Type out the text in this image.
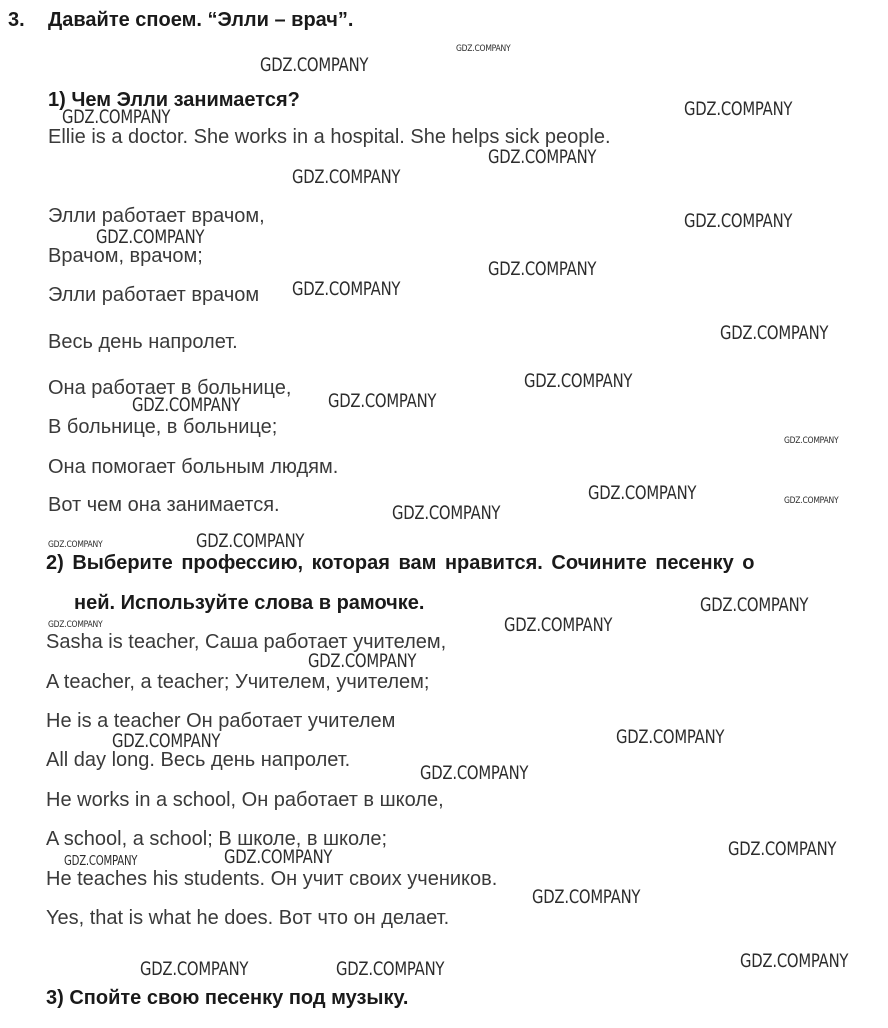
3. Давайте споем. “Элли – врач”.
1) Чем Элли занимается?
Ellie is a doctor. She works in a hospital. She helps sick people.
Элли работает врачом,
Врачом, врачом;
Элли работает врачом
Весь день напролет.
Она работает в больнице,
В больнице, в больнице;
Она помогает больным людям.
Вот чем она занимается.
2) Выберите профессию, которая вам нравится. Сочините песенку о
ней. Используйте слова в рамочке.
Sasha is teacher, Саша работает учителем,
A teacher, a teacher; Учителем, учителем;
He is a teacher Он работает учителем
All day long. Весь день напролет.
He works in a school, Он работает в школе,
A school, a school; В школе, в школе;
He teaches his students. Он учит своих учеников.
Yes, that is what he does. Вот что он делает.
3) Спойте свою песенку под музыку.
GDZ.COMPANY
GDZ.COMPANY
GDZ.COMPANY	GDZ.COMPANY
GDZ.COMPANY
GDZ.COMPANY
GDZ.COMPANY
GDZ.COMPANY
GDZ.COMPANY
GDZ.COMPANY
GDZ.COMPANY
GDZ.COMPANY
GDZ.COMPANY
GDZ.COMPANY
GDZ.COMPANY
GDZ.COMPANY	GDZ.COMPANY
GDZ.COMPANY
GDZ.COMPANY
GDZ.COMPANY
GDZ.COMPANY
GDZ.COMPANY
GDZ.COMPANY
GDZ.COMPANY
GDZ.COMPANY
GDZ.COMPANY
GDZ.COMPANY
GDZ.COMPANY
GDZ.COMPANY
GDZ.COMPANY
GDZ.COMPANY
GDZ.COMPANY
GDZ.COMPANY	GDZ.COMPANY
